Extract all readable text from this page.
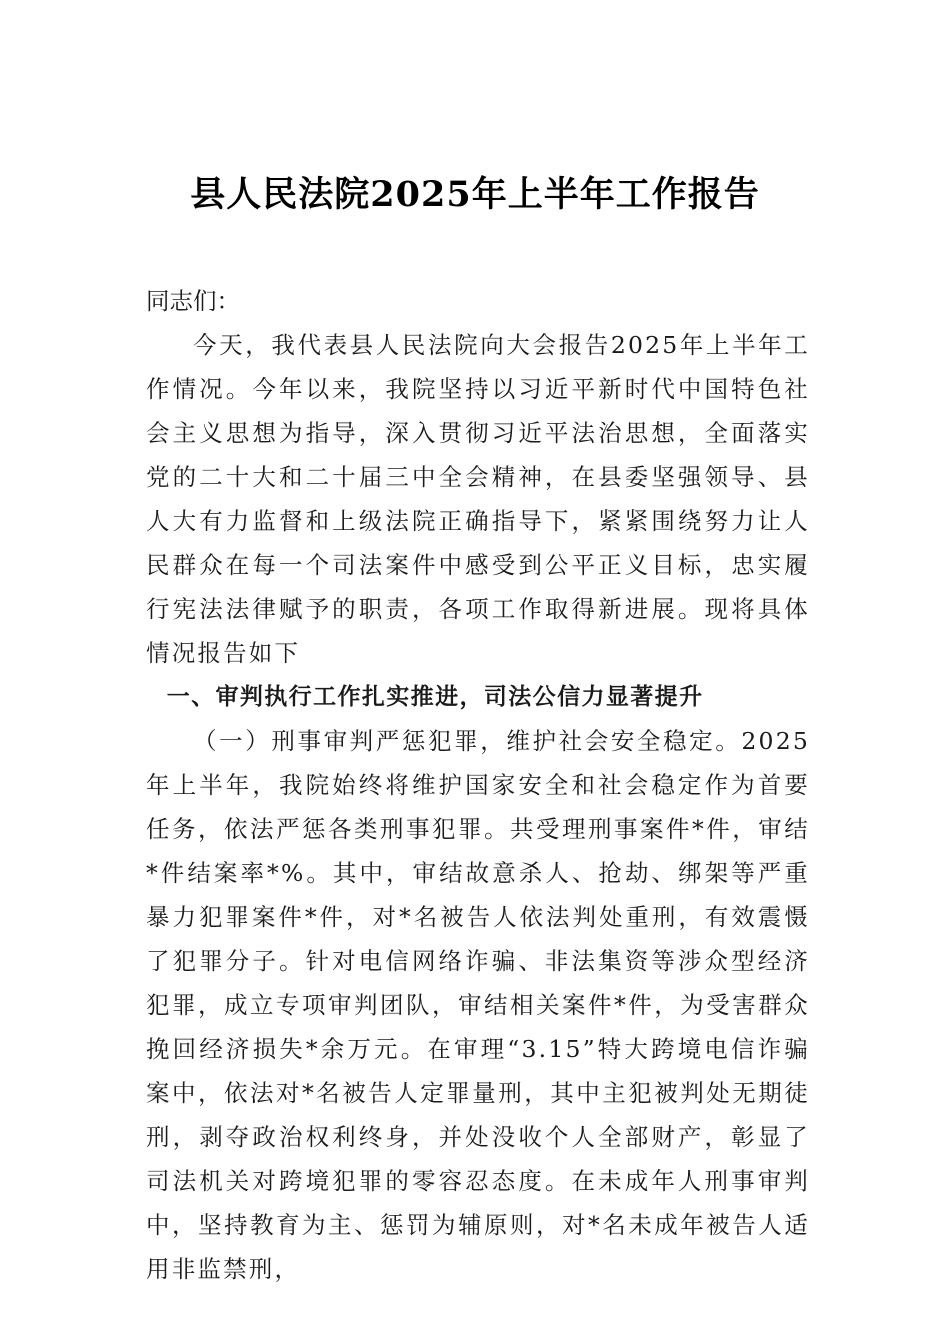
县人民法院2025年上半年工作报告

同志们：

今天，我代表县人民法院向大会报告2025年上半年工作情况。今年以来，我院坚持以习近平新时代中国特色社会主义思想为指导，深入贯彻习近平法治思想，全面落实党的二十大和二十届三中全会精神，在县委坚强领导、县人大有力监督和上级法院正确指导下，紧紧围绕努力让人民群众在每一个司法案件中感受到公平正义目标，忠实履行宪法法律赋予的职责，各项工作取得新进展。现将具体情况报告如下

一、审判执行工作扎实推进，司法公信力显著提升

（一）刑事审判严惩犯罪，维护社会安全稳定。2025年上半年，我院始终将维护国家安全和社会稳定作为首要任务，依法严惩各类刑事犯罪。共受理刑事案件*件，审结*件结案率*%。其中，审结故意杀人、抢劫、绑架等严重暴力犯罪案件*件，对*名被告人依法判处重刑，有效震慑了犯罪分子。针对电信网络诈骗、非法集资等涉众型经济犯罪，成立专项审判团队，审结相关案件*件，为受害群众挽回经济损失*余万元。在审理“3.15”特大跨境电信诈骗案中，依法对*名被告人定罪量刑，其中主犯被判处无期徒刑，剥夺政治权利终身，并处没收个人全部财产，彰显了司法机关对跨境犯罪的零容忍态度。在未成年人刑事审判中，坚持教育为主、惩罚为辅原则，对*名未成年被告人适用非监禁刑，
